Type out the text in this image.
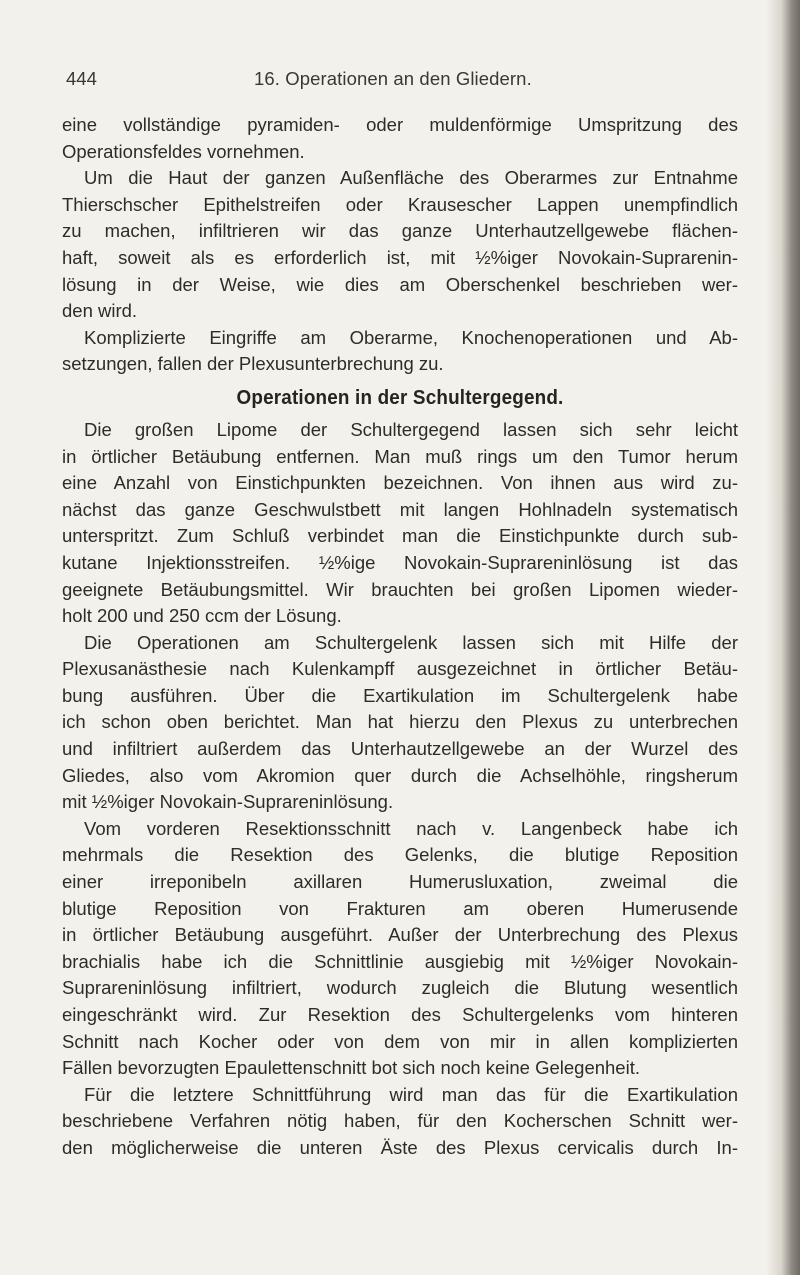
444	16. Operationen an den Gliedern.
eine vollständige pyramiden- oder muldenförmige Umspritzung des
Operationsfeldes vornehmen.
Um die Haut der ganzen Außenfläche des Oberarmes zur Entnahme
Thierschscher Epithelstreifen oder Krausescher Lappen unempfindlich
zu machen, infiltrieren wir das ganze Unterhautzellgewebe flächen-
haft, soweit als es erforderlich ist, mit ½%iger Novokain-Suprarenin-
lösung in der Weise, wie dies am Oberschenkel beschrieben wer-
den wird.
Komplizierte Eingriffe am Oberarme, Knochenoperationen und Ab-
setzungen, fallen der Plexusunterbrechung zu.
Operationen in der Schultergegend.
Die großen Lipome der Schultergegend lassen sich sehr leicht
in örtlicher Betäubung entfernen. Man muß rings um den Tumor herum
eine Anzahl von Einstichpunkten bezeichnen. Von ihnen aus wird zu-
nächst das ganze Geschwulstbett mit langen Hohlnadeln systematisch
unterspritzt. Zum Schluß verbindet man die Einstichpunkte durch sub-
kutane Injektionsstreifen. ½%ige Novokain-Suprareninlösung ist das
geeignete Betäubungsmittel. Wir brauchten bei großen Lipomen wieder-
holt 200 und 250 ccm der Lösung.
Die Operationen am Schultergelenk lassen sich mit Hilfe der
Plexusanästhesie nach Kulenkampff ausgezeichnet in örtlicher Betäu-
bung ausführen. Über die Exartikulation im Schultergelenk habe
ich schon oben berichtet. Man hat hierzu den Plexus zu unterbrechen
und infiltriert außerdem das Unterhautzellgewebe an der Wurzel des
Gliedes, also vom Akromion quer durch die Achselhöhle, ringsherum
mit ½%iger Novokain-Suprareninlösung.
Vom vorderen Resektionsschnitt nach v. Langenbeck habe ich
mehrmals die Resektion des Gelenks, die blutige Reposition
einer irreponibeln axillaren Humerusluxation, zweimal die
blutige Reposition von Frakturen am oberen Humerusende
in örtlicher Betäubung ausgeführt. Außer der Unterbrechung des Plexus
brachialis habe ich die Schnittlinie ausgiebig mit ½%iger Novokain-
Suprareninlösung infiltriert, wodurch zugleich die Blutung wesentlich
eingeschränkt wird. Zur Resektion des Schultergelenks vom hinteren
Schnitt nach Kocher oder von dem von mir in allen komplizierten
Fällen bevorzugten Epaulettenschnitt bot sich noch keine Gelegenheit.
Für die letztere Schnittführung wird man das für die Exartikulation
beschriebene Verfahren nötig haben, für den Kocherschen Schnitt wer-
den möglicherweise die unteren Äste des Plexus cervicalis durch In-
